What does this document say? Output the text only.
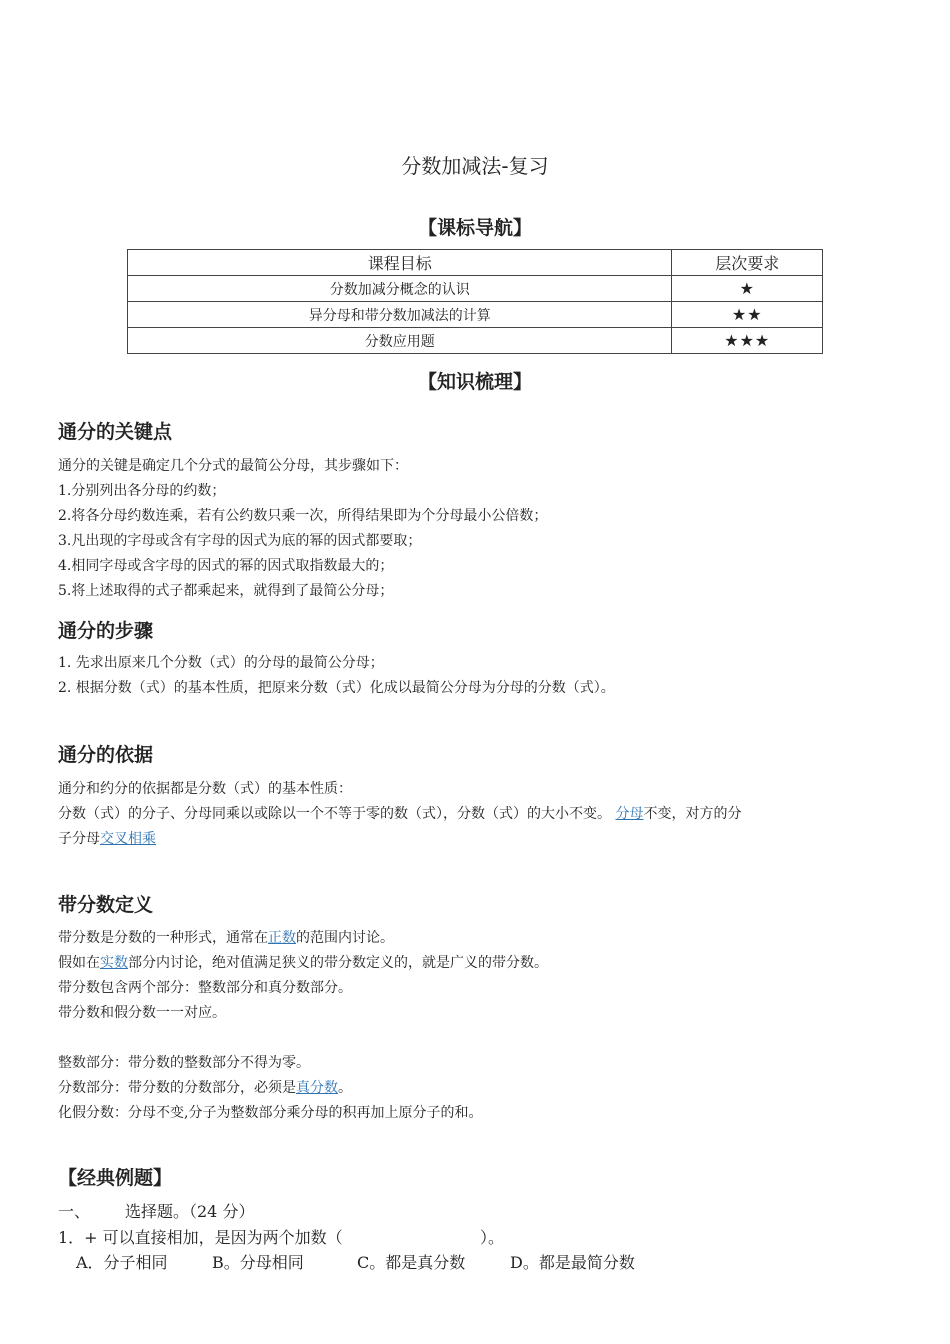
分数加减法-复习
【课标导航】
课程目标	层次要求
分数加减分概念的认识	★
异分母和带分数加减法的计算	★★
分数应用题	★★★
【知识梳理】
通分的关键点
通分的关键是确定几个分式的最简公分母，其步骤如下：
1.分别列出各分母的约数；
2.将各分母约数连乘，若有公约数只乘一次，所得结果即为个分母最小公倍数；
3.凡出现的字母或含有字母的因式为底的幂的因式都要取；
4.相同字母或含字母的因式的幂的因式取指数最大的；
5.将上述取得的式子都乘起来，就得到了最简公分母；
通分的步骤
1. 先求出原来几个分数（式）的分母的最简公分母；
2. 根据分数（式）的基本性质，把原来分数（式）化成以最简公分母为分母的分数（式）。
通分的依据
通分和约分的依据都是分数（式）的基本性质：
分数（式）的分子、分母同乘以或除以一个不等于零的数（式），分数（式）的大小不变。 分母不变，对方的分
子分母交叉相乘
带分数定义
带分数是分数的一种形式，通常在正数的范围内讨论。
假如在实数部分内讨论，绝对值满足狭义的带分数定义的，就是广义的带分数。
带分数包含两个部分：整数部分和真分数部分。
带分数和假分数一一对应。
整数部分：带分数的整数部分不得为零。
分数部分：带分数的分数部分，必须是真分数。
化假分数：分母不变,分子为整数部分乘分母的积再加上原分子的和。
【经典例题】
一、 选择题。（24 分）
1．+ 可以直接相加，是因为两个加数（	）。
A．分子相同	B。分母相同	C。都是真分数	D。都是最简分数
